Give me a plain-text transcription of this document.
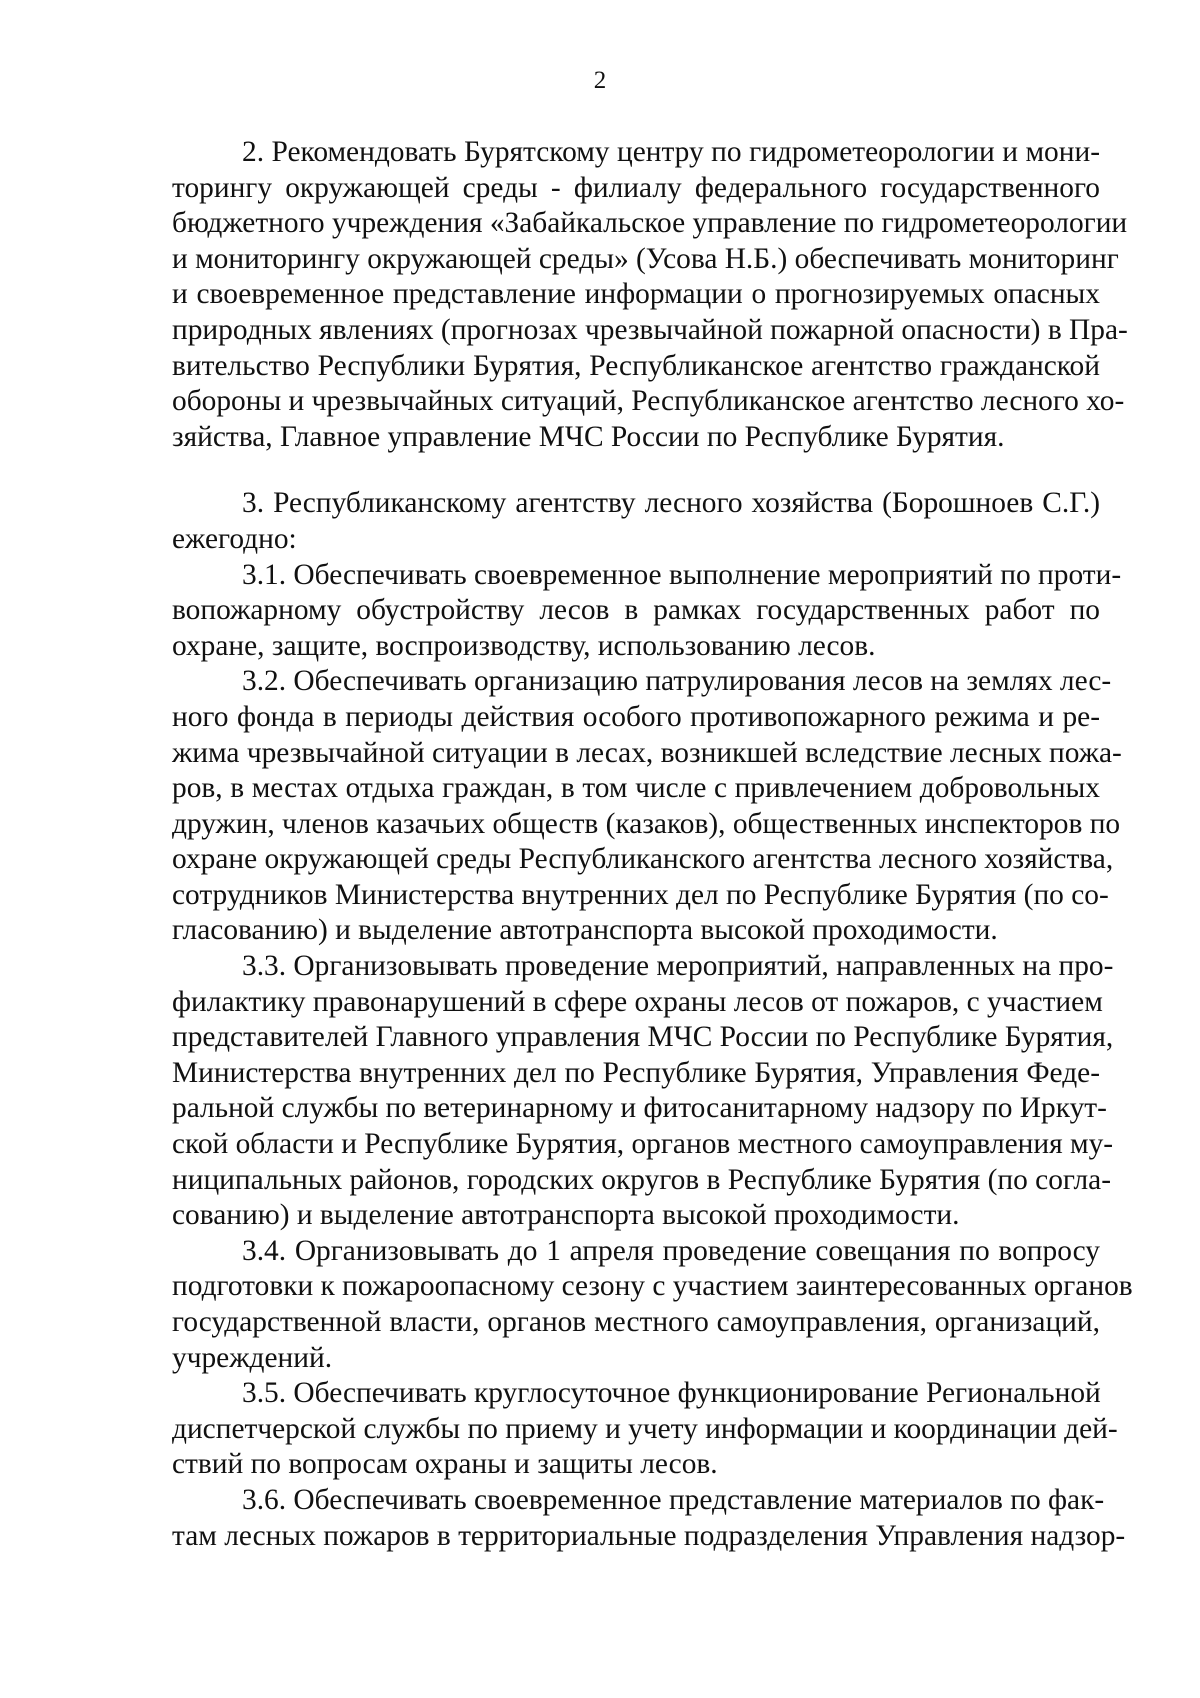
2
2. Рекомендовать Бурятскому центру по гидрометеорологии и мони-
торингу окружающей среды - филиалу федерального государственного
бюджетного учреждения «Забайкальское управление по гидрометеорологии
и мониторингу окружающей среды» (Усова Н.Б.) обеспечивать мониторинг
и своевременное представление информации о прогнозируемых опасных
природных явлениях (прогнозах чрезвычайной пожарной опасности) в Пра-
вительство Республики Бурятия, Республиканское агентство гражданской
обороны и чрезвычайных ситуаций, Республиканское агентство лесного хо-
зяйства, Главное управление МЧС России по Республике Бурятия.
3. Республиканскому агентству лесного хозяйства (Борошноев С.Г.)
ежегодно:
3.1. Обеспечивать своевременное выполнение мероприятий по проти-
вопожарному обустройству лесов в рамках государственных работ по
охране, защите, воспроизводству, использованию лесов.
3.2. Обеспечивать организацию патрулирования лесов на землях лес-
ного фонда в периоды действия особого противопожарного режима и ре-
жима чрезвычайной ситуации в лесах, возникшей вследствие лесных пожа-
ров, в местах отдыха граждан, в том числе с привлечением добровольных
дружин, членов казачьих обществ (казаков), общественных инспекторов по
охране окружающей среды Республиканского агентства лесного хозяйства,
сотрудников Министерства внутренних дел по Республике Бурятия (по со-
гласованию) и выделение автотранспорта высокой проходимости.
3.3. Организовывать проведение мероприятий, направленных на про-
филактику правонарушений в сфере охраны лесов от пожаров, с участием
представителей Главного управления МЧС России по Республике Бурятия,
Министерства внутренних дел по Республике Бурятия, Управления Феде-
ральной службы по ветеринарному и фитосанитарному надзору по Иркут-
ской области и Республике Бурятия, органов местного самоуправления му-
ниципальных районов, городских округов в Республике Бурятия (по согла-
сованию) и выделение автотранспорта высокой проходимости.
3.4. Организовывать до 1 апреля проведение совещания по вопросу
подготовки к пожароопасному сезону с участием заинтересованных органов
государственной власти, органов местного самоуправления, организаций,
учреждений.
3.5. Обеспечивать круглосуточное функционирование Региональной
диспетчерской службы по приему и учету информации и координации дей-
ствий по вопросам охраны и защиты лесов.
3.6. Обеспечивать своевременное представление материалов по фак-
там лесных пожаров в территориальные подразделения Управления надзор-
